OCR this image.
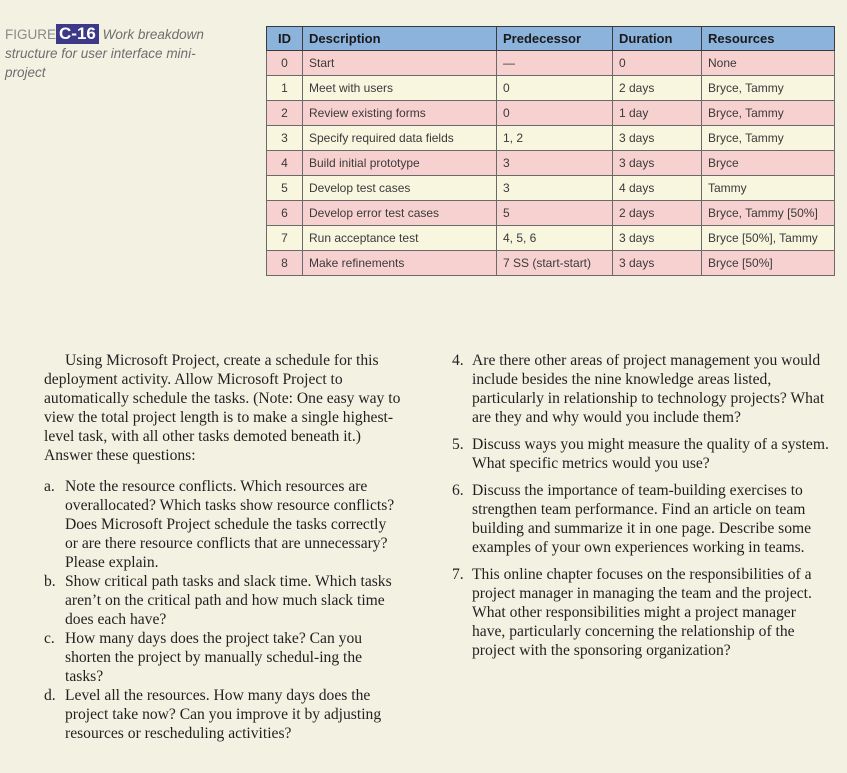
FIGURE C-16 Work breakdown structure for user interface mini-project
ID	Description	Predecessor	Duration	Resources
0	Start	—	0	None
1	Meet with users	0	2 days	Bryce, Tammy
2	Review existing forms	0	1 day	Bryce, Tammy
3	Specify required data fields	1, 2	3 days	Bryce, Tammy
4	Build initial prototype	3	3 days	Bryce
5	Develop test cases	3	4 days	Tammy
6	Develop error test cases	5	2 days	Bryce, Tammy [50%]
7	Run acceptance test	4, 5, 6	3 days	Bryce [50%], Tammy
8	Make refinements	7 SS (start-start)	3 days	Bryce [50%]

Using Microsoft Project, create a schedule for this deployment activity. Allow Microsoft Project to automatically schedule the tasks. (Note: One easy way to view the total project length is to make a single highest-level task, with all other tasks demoted beneath it.) Answer these questions:

a. Note the resource conflicts. Which resources are overallocated? Which tasks show resource conflicts? Does Microsoft Project schedule the tasks correctly or are there resource conflicts that are unnecessary? Please explain.
b. Show critical path tasks and slack time. Which tasks aren’t on the critical path and how much slack time does each have?
c. How many days does the project take? Can you shorten the project by manually schedul-ing the tasks?
d. Level all the resources. How many days does the project take now? Can you improve it by adjusting resources or rescheduling activities?
4. Are there other areas of project management you would include besides the nine knowledge areas listed, particularly in relationship to technology projects? What are they and why would you include them?
5. Discuss ways you might measure the quality of a system. What specific metrics would you use?
6. Discuss the importance of team-building exercises to strengthen team performance. Find an article on team building and summarize it in one page. Describe some examples of your own experiences working in teams.
7. This online chapter focuses on the responsibilities of a project manager in managing the team and the project. What other responsibilities might a project manager have, particularly concerning the relationship of the project with the sponsoring organization?
